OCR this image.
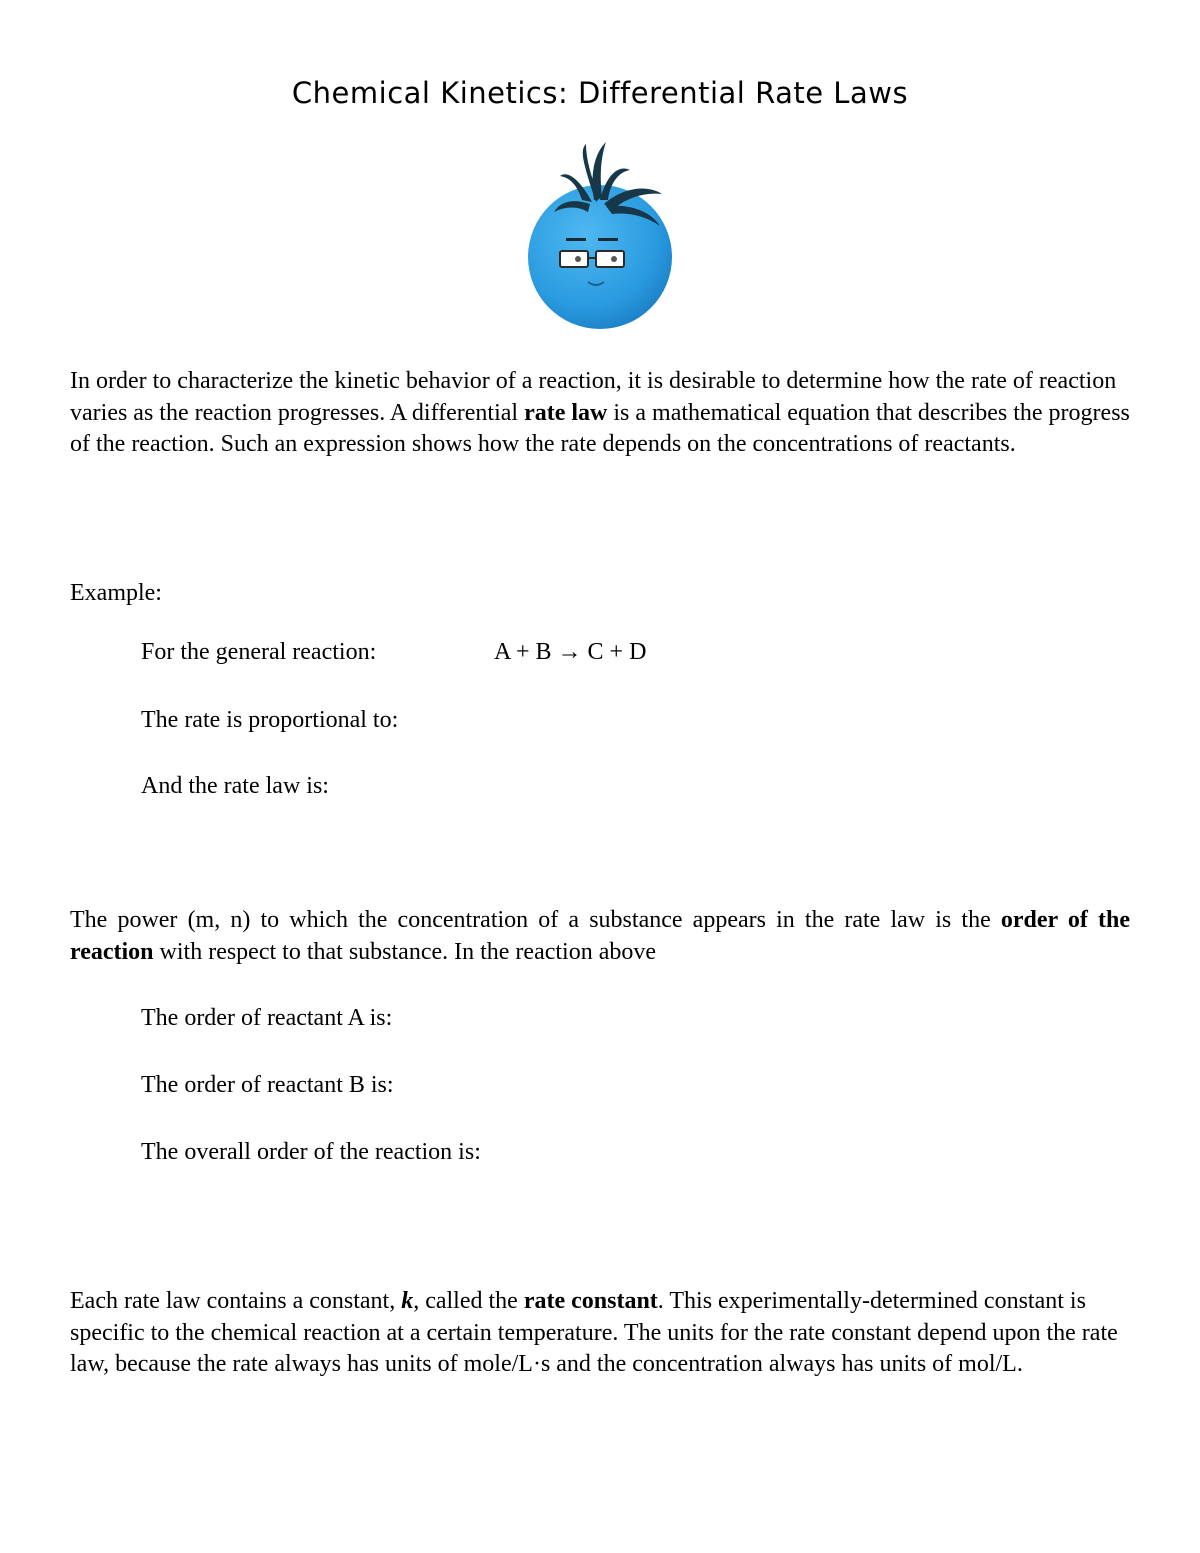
Chemical Kinetics: Differential Rate Laws

In order to characterize the kinetic behavior of a reaction, it is desirable to determine how the rate of reaction varies as the reaction progresses. A differential rate law is a mathematical equation that describes the progress of the reaction. Such an expression shows how the rate depends on the concentrations of reactants.

Example:

For the general reaction:	A + B → C + D

The rate is proportional to:

And the rate law is:

The power (m, n) to which the concentration of a substance appears in the rate law is the order of the reaction with respect to that substance. In the reaction above

The order of reactant A is:

The order of reactant B is:

The overall order of the reaction is:

Each rate law contains a constant, k, called the rate constant. This experimentally-determined constant is specific to the chemical reaction at a certain temperature. The units for the rate constant depend upon the rate law, because the rate always has units of mole/L·s and the concentration always has units of mol/L.
